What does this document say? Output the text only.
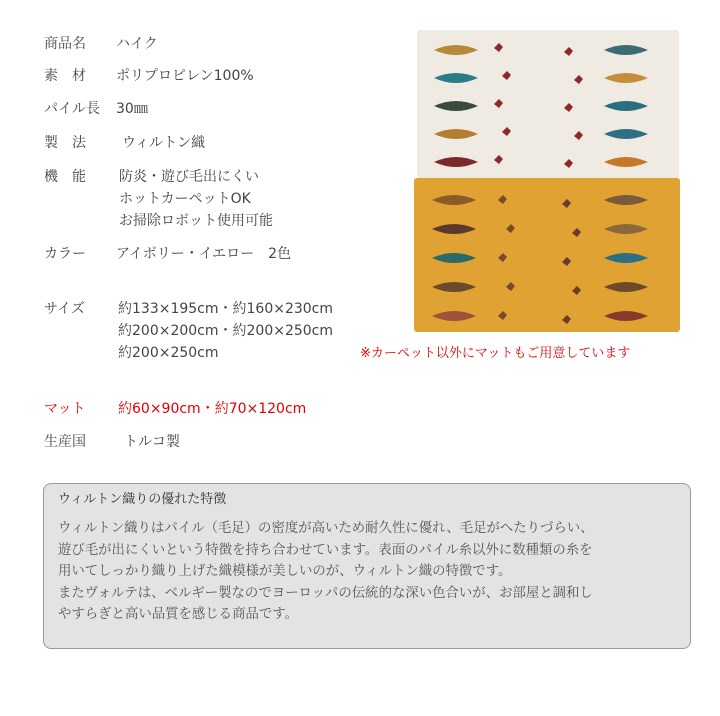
商品名 ハイク
素　材 ポリプロピレン100%
パイル長 30㎜
製　法	ウィルトン織
機　能 防炎・遊び毛出にくい
ホットカーペットOK
お掃除ロボット使用可能
カラー アイボリー・イエロー　2色
サイズ 約133×195cm・約160×230cm
約200×200cm・約200×250cm
約200×250cm
マット 約60×90cm・約70×120cm
生産国	トルコ製
※カーペット以外にマットもご用意しています
ウィルトン織りの優れた特徴
ウィルトン織りはパイル（毛足）の密度が高いため耐久性に優れ、毛足がへたりづらい、
遊び毛が出にくいという特徴を持ち合わせています。表面のパイル糸以外に数種類の糸を
用いてしっかり織り上げた織模様が美しいのが、ウィルトン織の特徴です。
またヴォルテは、ベルギー製なのでヨーロッパの伝統的な深い色合いが、お部屋と調和し
やすらぎと高い品質を感じる商品です。
